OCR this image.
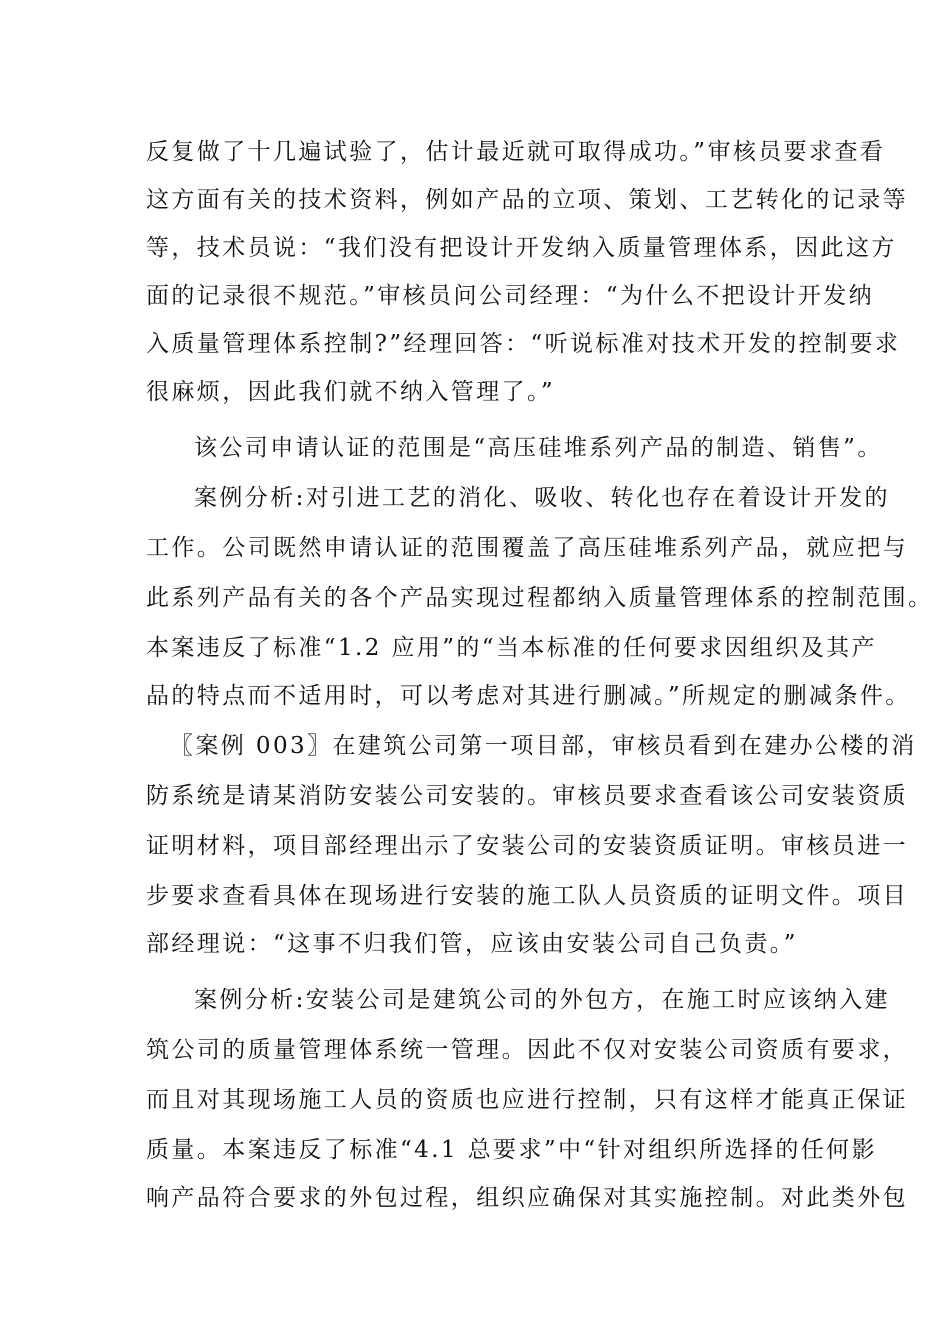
反复做了十几遍试验了，估计最近就可取得成功。”审核员要求查看
这方面有关的技术资料，例如产品的立项、策划、工艺转化的记录等
等，技术员说：“我们没有把设计开发纳入质量管理体系，因此这方
面的记录很不规范。”审核员问公司经理：“为什么不把设计开发纳
入质量管理体系控制?”经理回答：“听说标准对技术开发的控制要求
很麻烦，因此我们就不纳入管理了。”
该公司申请认证的范围是“高压硅堆系列产品的制造、销售”。
案例分析:对引进工艺的消化、吸收、转化也存在着设计开发的
工作。公司既然申请认证的范围覆盖了高压硅堆系列产品，就应把与
此系列产品有关的各个产品实现过程都纳入质量管理体系的控制范围。
本案违反了标准“1.2 应用”的“当本标准的任何要求因组织及其产
品的特点而不适用时，可以考虑对其进行删减。”所规定的删减条件。
〖案例 003〗在建筑公司第一项目部，审核员看到在建办公楼的消
防系统是请某消防安装公司安装的。审核员要求查看该公司安装资质
证明材料，项目部经理出示了安装公司的安装资质证明。审核员进一
步要求查看具体在现场进行安装的施工队人员资质的证明文件。项目
部经理说：“这事不归我们管，应该由安装公司自己负责。”
案例分析:安装公司是建筑公司的外包方，在施工时应该纳入建
筑公司的质量管理体系统一管理。因此不仅对安装公司资质有要求，
而且对其现场施工人员的资质也应进行控制，只有这样才能真正保证
质量。本案违反了标准“4.1 总要求”中“针对组织所选择的任何影
响产品符合要求的外包过程，组织应确保对其实施控制。对此类外包
